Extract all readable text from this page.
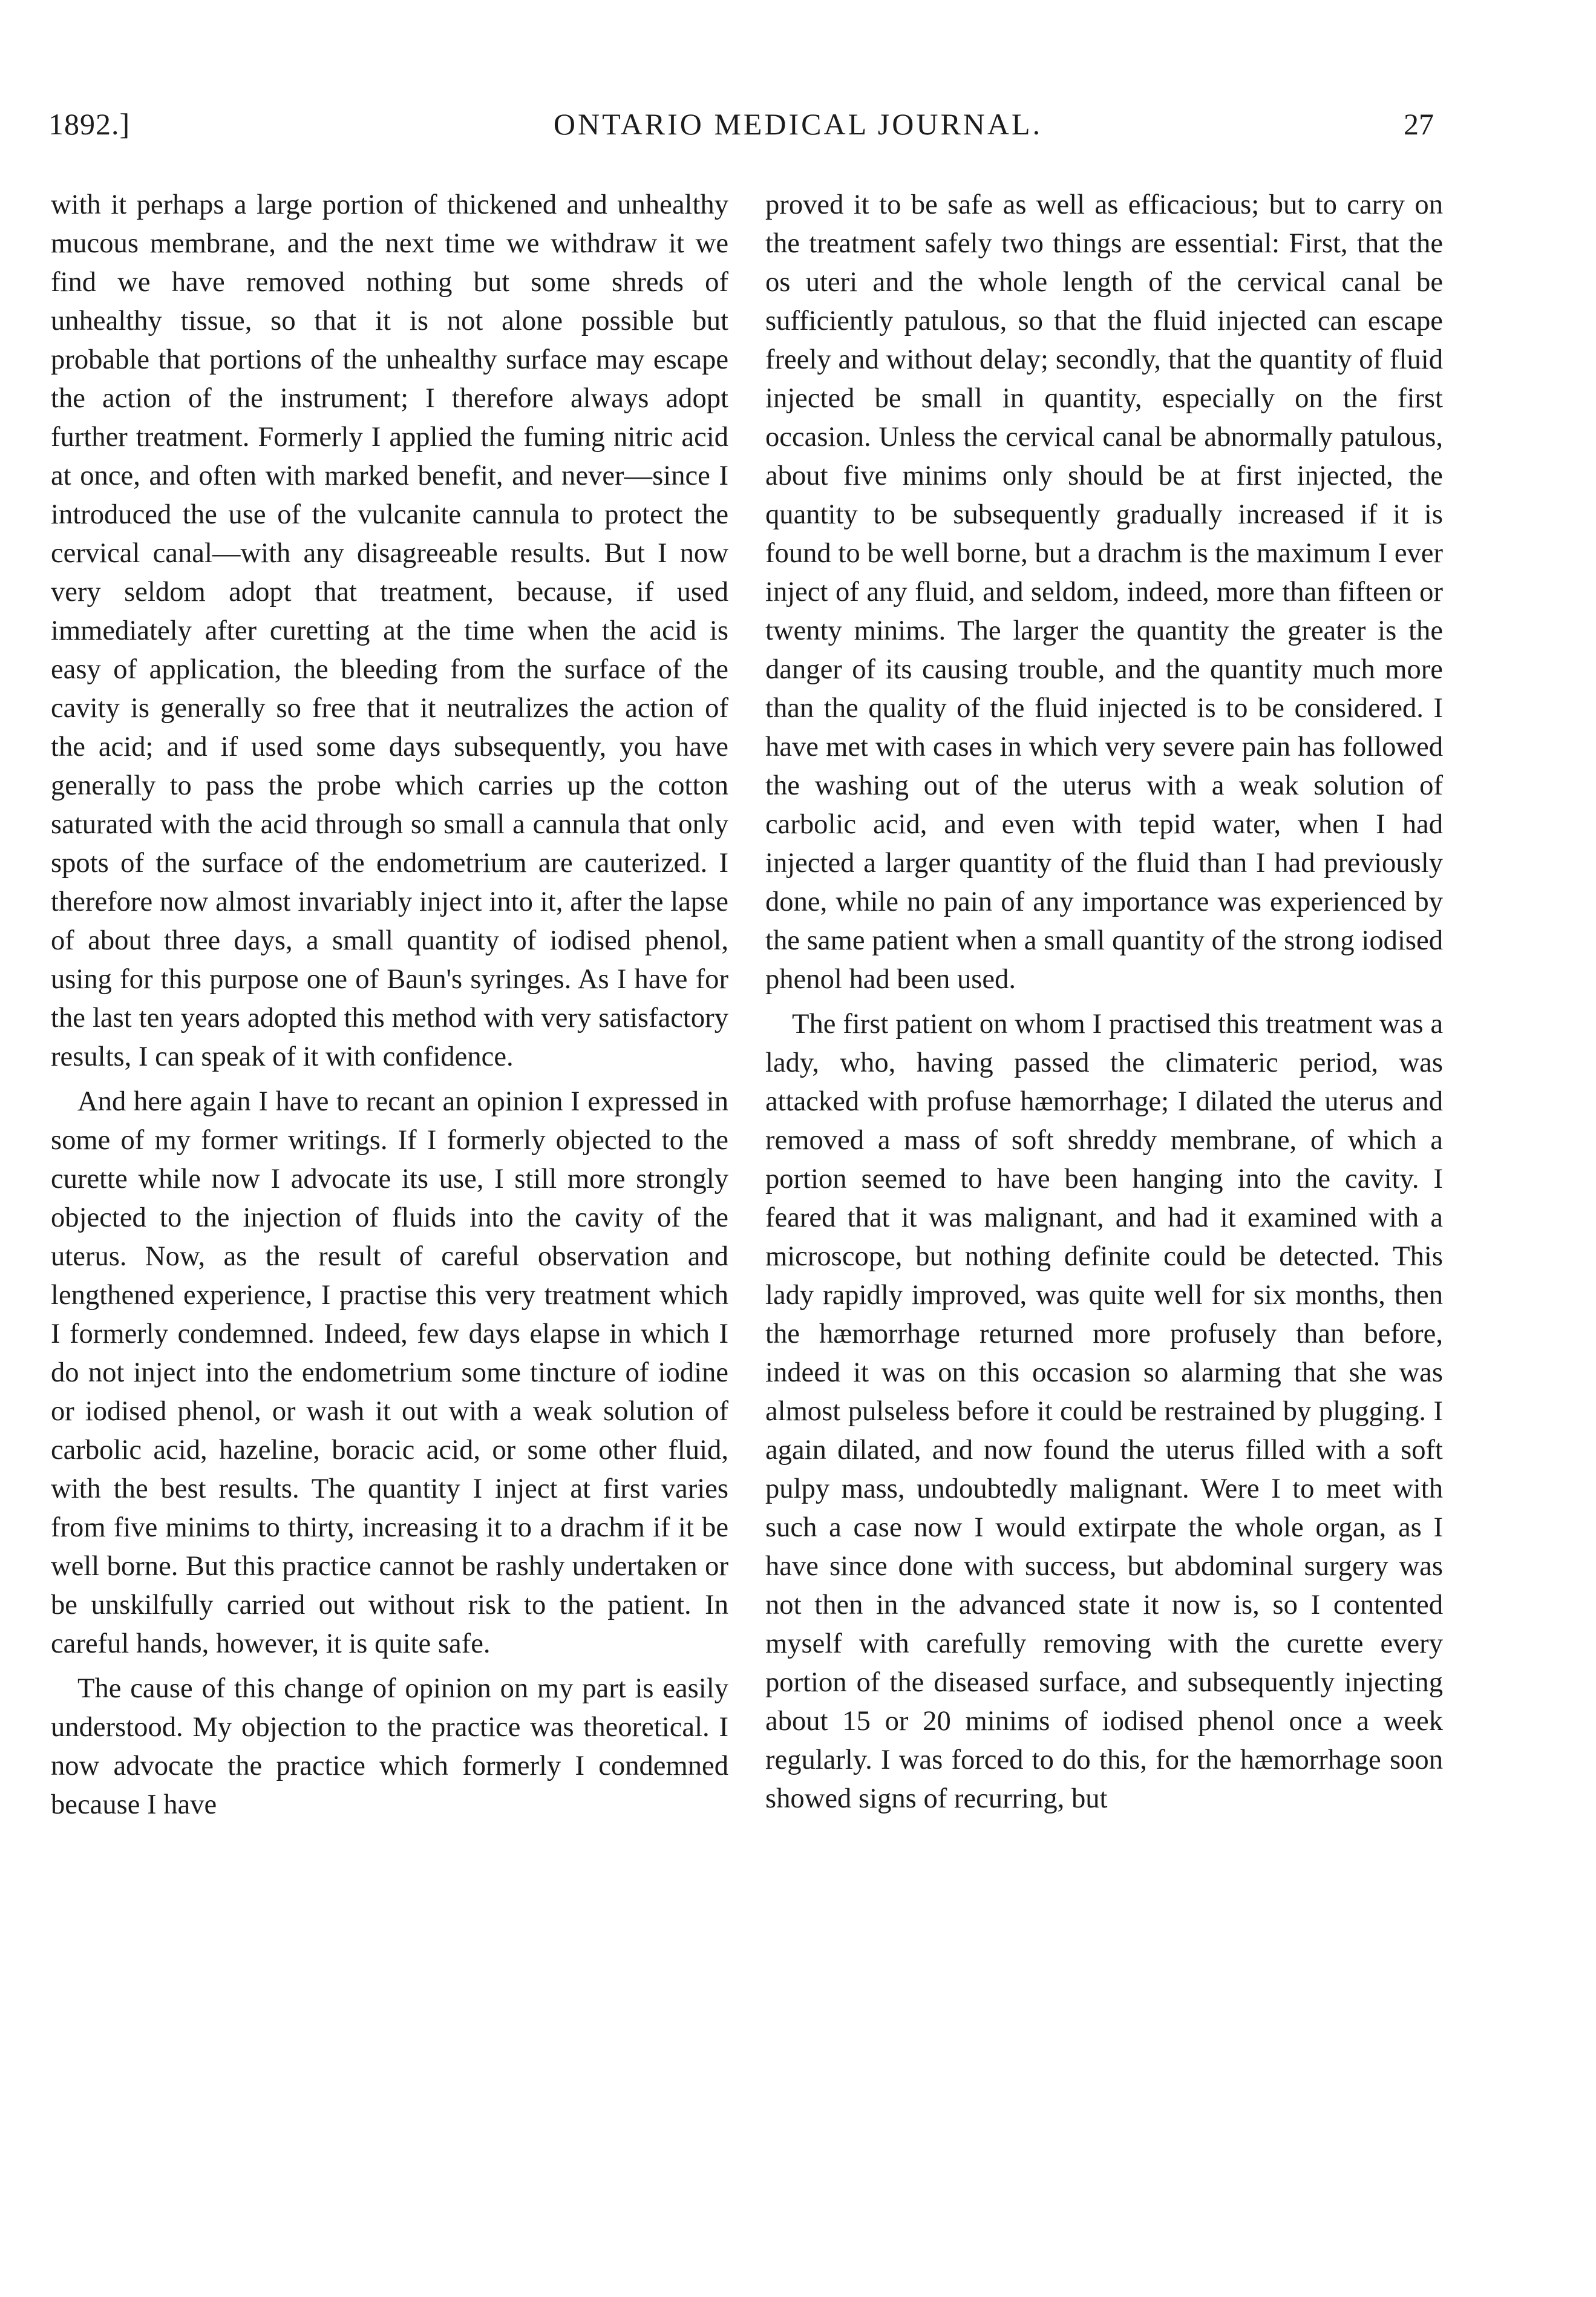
1892.]	ONTARIO MEDICAL JOURNAL.	27

with it perhaps a large portion of thickened and unhealthy mucous membrane, and the next time we withdraw it we find we have removed nothing but some shreds of unhealthy tissue, so that it is not alone possible but probable that portions of the unhealthy surface may escape the action of the instrument; I therefore always adopt further treatment. Formerly I applied the fuming nitric acid at once, and often with marked benefit, and never—since I introduced the use of the vulcanite cannula to protect the cervical canal—with any disagreeable results. But I now very seldom adopt that treatment, because, if used immediately after curetting at the time when the acid is easy of application, the bleeding from the surface of the cavity is generally so free that it neutralizes the action of the acid; and if used some days subsequently, you have generally to pass the probe which carries up the cotton saturated with the acid through so small a cannula that only spots of the surface of the endometrium are cauterized. I therefore now almost invariably inject into it, after the lapse of about three days, a small quantity of iodised phenol, using for this purpose one of Baun's syringes. As I have for the last ten years adopted this method with very satisfactory results, I can speak of it with confidence.

And here again I have to recant an opinion I expressed in some of my former writings. If I formerly objected to the curette while now I advocate its use, I still more strongly objected to the injection of fluids into the cavity of the uterus. Now, as the result of careful observation and lengthened experience, I practise this very treatment which I formerly condemned. Indeed, few days elapse in which I do not inject into the endometrium some tincture of iodine or iodised phenol, or wash it out with a weak solution of carbolic acid, hazeline, boracic acid, or some other fluid, with the best results. The quantity I inject at first varies from five minims to thirty, increasing it to a drachm if it be well borne. But this practice cannot be rashly undertaken or be unskilfully carried out without risk to the patient. In careful hands, however, it is quite safe.

The cause of this change of opinion on my part is easily understood. My objection to the practice was theoretical. I now advocate the practice which formerly I condemned because I have

proved it to be safe as well as efficacious; but to carry on the treatment safely two things are essential: First, that the os uteri and the whole length of the cervical canal be sufficiently patulous, so that the fluid injected can escape freely and without delay; secondly, that the quantity of fluid injected be small in quantity, especially on the first occasion. Unless the cervical canal be abnormally patulous, about five minims only should be at first injected, the quantity to be subsequently gradually increased if it is found to be well borne, but a drachm is the maximum I ever inject of any fluid, and seldom, indeed, more than fifteen or twenty minims. The larger the quantity the greater is the danger of its causing trouble, and the quantity much more than the quality of the fluid injected is to be considered. I have met with cases in which very severe pain has followed the washing out of the uterus with a weak solution of carbolic acid, and even with tepid water, when I had injected a larger quantity of the fluid than I had previously done, while no pain of any importance was experienced by the same patient when a small quantity of the strong iodised phenol had been used.

The first patient on whom I practised this treatment was a lady, who, having passed the climateric period, was attacked with profuse hæmorrhage; I dilated the uterus and removed a mass of soft shreddy membrane, of which a portion seemed to have been hanging into the cavity. I feared that it was malignant, and had it examined with a microscope, but nothing definite could be detected. This lady rapidly improved, was quite well for six months, then the hæmorrhage returned more profusely than before, indeed it was on this occasion so alarming that she was almost pulseless before it could be restrained by plugging. I again dilated, and now found the uterus filled with a soft pulpy mass, undoubtedly malignant. Were I to meet with such a case now I would extirpate the whole organ, as I have since done with success, but abdominal surgery was not then in the advanced state it now is, so I contented myself with carefully removing with the curette every portion of the diseased surface, and subsequently injecting about 15 or 20 minims of iodised phenol once a week regularly. I was forced to do this, for the hæmorrhage soon showed signs of recurring, but
